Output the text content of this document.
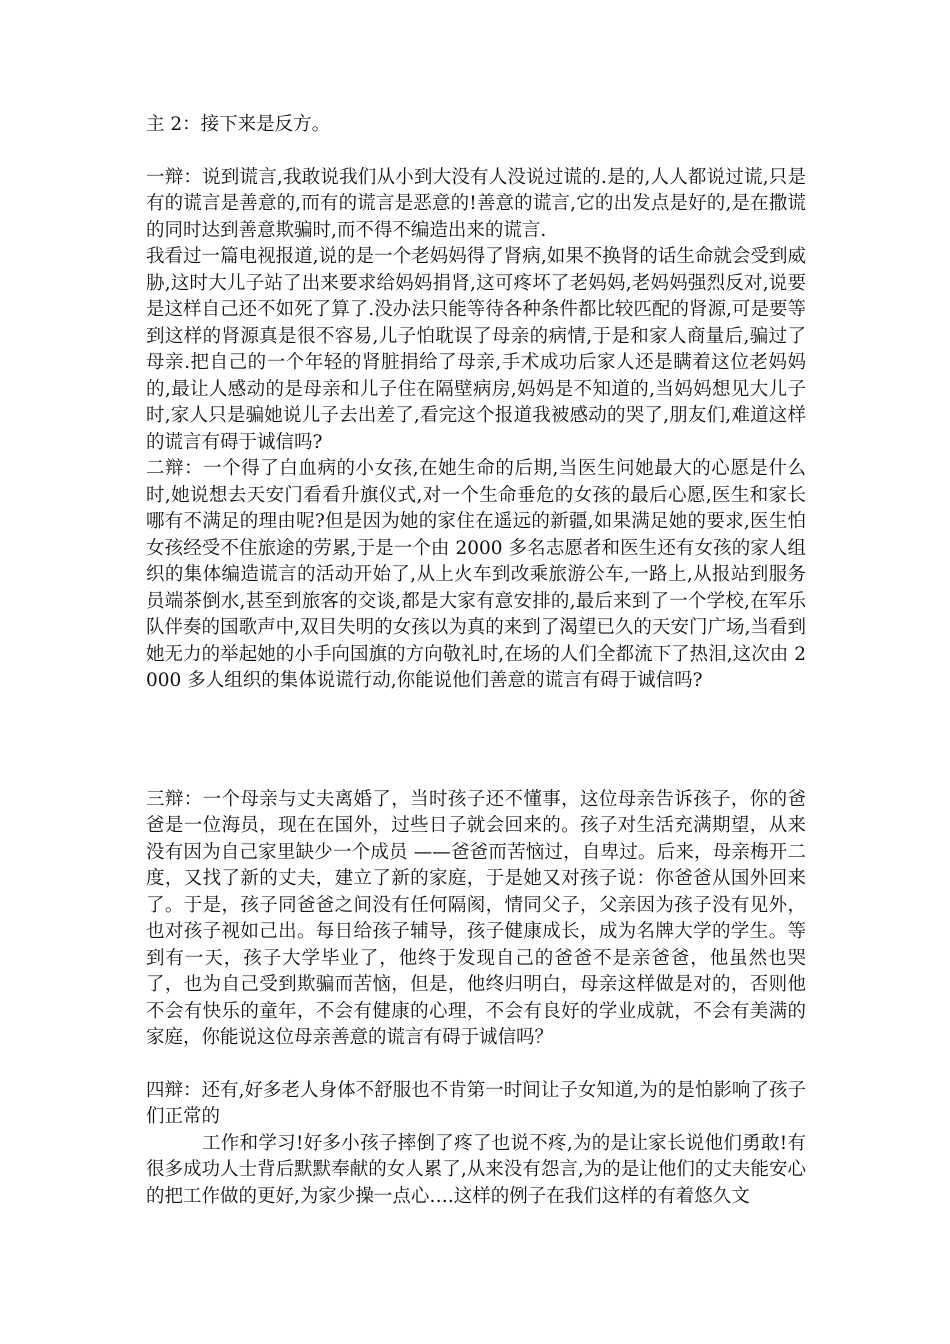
主 2：接下来是反方。

一辩：说到谎言,我敢说我们从小到大没有人没说过谎的.是的,人人都说过谎,只是有的谎言是善意的,而有的谎言是恶意的!善意的谎言,它的出发点是好的,是在撒谎的同时达到善意欺骗时,而不得不编造出来的谎言.

我看过一篇电视报道,说的是一个老妈妈得了肾病,如果不换肾的话生命就会受到威胁,这时大儿子站了出来要求给妈妈捐肾,这可疼坏了老妈妈,老妈妈强烈反对,说要是这样自己还不如死了算了.没办法只能等待各种条件都比较匹配的肾源,可是要等到这样的肾源真是很不容易,儿子怕耽误了母亲的病情,于是和家人商量后,骗过了母亲.把自己的一个年轻的肾脏捐给了母亲,手术成功后家人还是瞒着这位老妈妈的,最让人感动的是母亲和儿子住在隔壁病房,妈妈是不知道的,当妈妈想见大儿子时,家人只是骗她说儿子去出差了,看完这个报道我被感动的哭了,朋友们,难道这样的谎言有碍于诚信吗?

二辩：一个得了白血病的小女孩,在她生命的后期,当医生问她最大的心愿是什么时,她说想去天安门看看升旗仪式,对一个生命垂危的女孩的最后心愿,医生和家长哪有不满足的理由呢?但是因为她的家住在遥远的新疆,如果满足她的要求,医生怕女孩经受不住旅途的劳累,于是一个由 2000 多名志愿者和医生还有女孩的家人组织的集体编造谎言的活动开始了,从上火车到改乘旅游公车,一路上,从报站到服务员端茶倒水,甚至到旅客的交谈,都是大家有意安排的,最后来到了一个学校,在军乐队伴奏的国歌声中,双目失明的女孩以为真的来到了渴望已久的天安门广场,当看到她无力的举起她的小手向国旗的方向敬礼时,在场的人们全都流下了热泪,这次由 2000 多人组织的集体说谎行动,你能说他们善意的谎言有碍于诚信吗?

三辩：一个母亲与丈夫离婚了，当时孩子还不懂事，这位母亲告诉孩子，你的爸爸是一位海员，现在在国外，过些日子就会回来的。孩子对生活充满期望，从来没有因为自己家里缺少一个成员 ——爸爸而苦恼过，自卑过。后来，母亲梅开二度，又找了新的丈夫，建立了新的家庭，于是她又对孩子说：你爸爸从国外回来了。于是，孩子同爸爸之间没有任何隔阂，情同父子，父亲因为孩子没有见外，也对孩子视如己出。每日给孩子辅导，孩子健康成长，成为名牌大学的学生。等到有一天，孩子大学毕业了，他终于发现自己的爸爸不是亲爸爸，他虽然也哭了，也为自己受到欺骗而苦恼，但是，他终归明白，母亲这样做是对的，否则他不会有快乐的童年，不会有健康的心理，不会有良好的学业成就，不会有美满的家庭，你能说这位母亲善意的谎言有碍于诚信吗？

四辩：还有,好多老人身体不舒服也不肯第一时间让子女知道,为的是怕影响了孩子们正常的

工作和学习!好多小孩子摔倒了疼了也说不疼,为的是让家长说他们勇敢!有很多成功人士背后默默奉献的女人累了,从来没有怨言,为的是让他们的丈夫能安心的把工作做的更好,为家少操一点心….这样的例子在我们这样的有着悠久文
